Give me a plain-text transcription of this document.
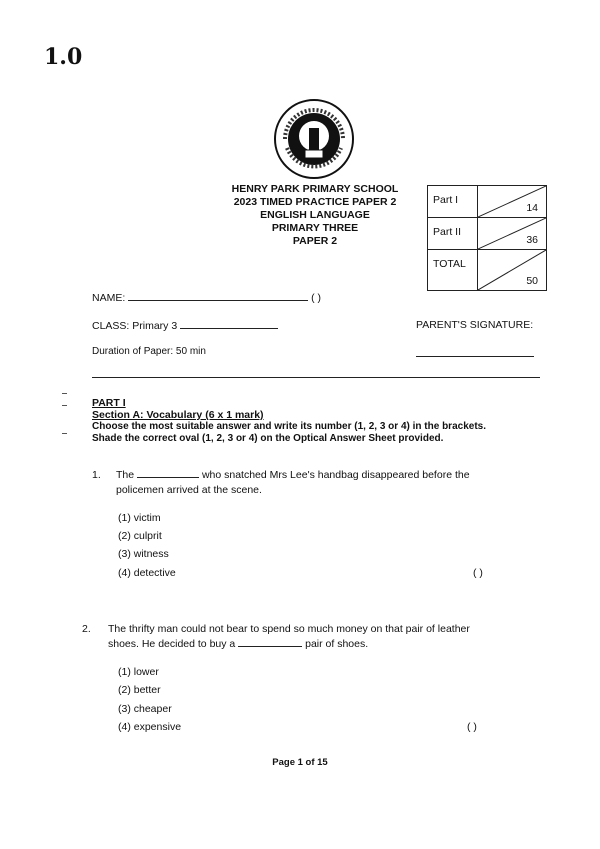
1.0
HENRY PARK PRIMARY SCHOOL
2023 TIMED PRACTICE PAPER 2
ENGLISH LANGUAGE
PRIMARY THREE
PAPER 2
Part I	14

Part II	36

TOTAL	50
NAME:	( )
CLASS: Primary 3	PARENT'S SIGNATURE:
Duration of Paper: 50 min
PART I
Section A: Vocabulary (6 x 1 mark)
Choose the most suitable answer and write its number (1, 2, 3 or 4) in the brackets.
Shade the correct oval (1, 2, 3 or 4) on the Optical Answer Sheet provided.
1. The	who snatched Mrs Lee's handbag disappeared before the
policemen arrived at the scene.
(1) victim
(2) culprit
(3) witness
(4) detective	( )
2. The thrifty man could not bear to spend so much money on that pair of leather
shoes. He decided to buy a	pair of shoes.
(1) lower
(2) better
(3) cheaper
(4) expensive	( )
Page 1 of 15
